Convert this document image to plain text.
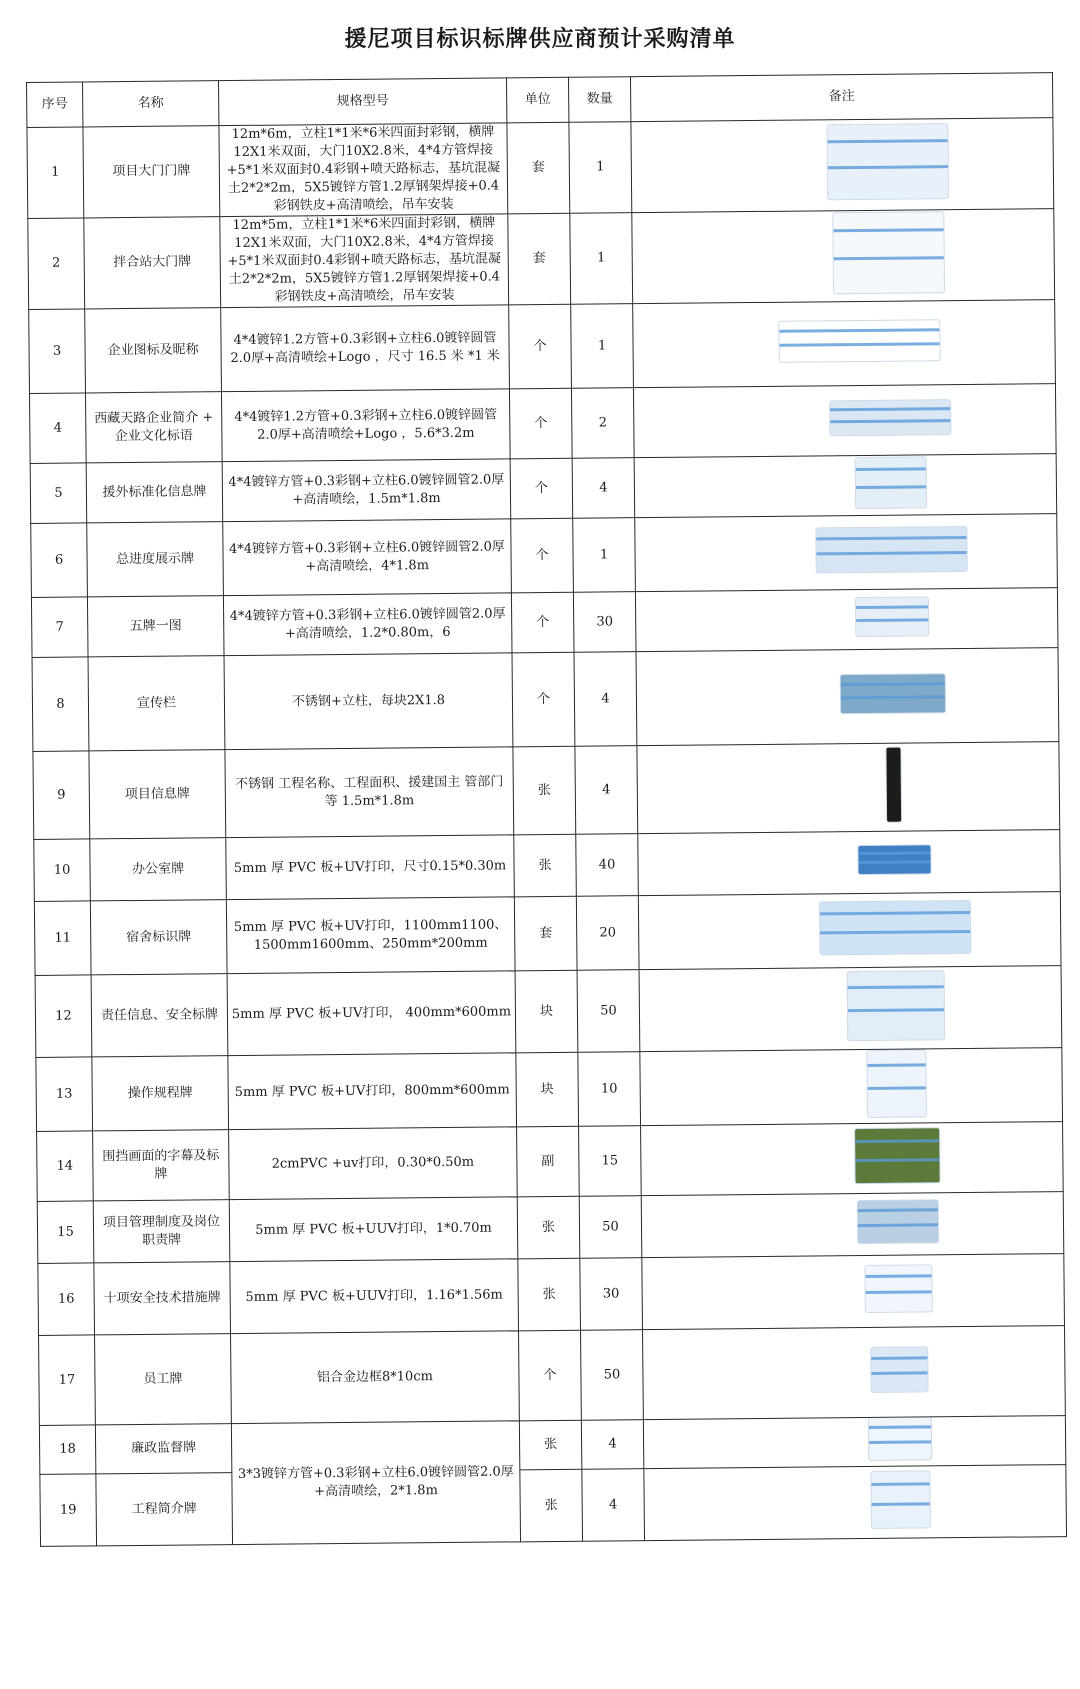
援尼项目标识标牌供应商预计采购清单
序号	名称	规格型号	单位	数量	备注
1	项目大门门牌	12m*6m，立柱1*1米*6米四面封彩钢，横牌12X1米双面，大门10X2.8米，4*4方管焊接+5*1米双面封0.4彩钢+喷天路标志，基坑混凝土2*2*2m，5X5镀锌方管1.2厚钢架焊接+0.4彩钢铁皮+高清喷绘，吊车安装	套	1	

2	拌合站大门牌	12m*5m，立柱1*1米*6米四面封彩钢，横牌12X1米双面，大门10X2.8米，4*4方管焊接+5*1米双面封0.4彩钢+喷天路标志，基坑混凝土2*2*2m，5X5镀锌方管1.2厚钢架焊接+0.4彩钢铁皮+高清喷绘，吊车安装	套	1	

3	企业图标及昵称	4*4镀锌1.2方管+0.3彩钢+立柱6.0镀锌圆管2.0厚+高清喷绘+Logo ，尺寸 16.5 米 *1 米	个	1	

4	西藏天路企业简介 + 企业文化标语	4*4镀锌1.2方管+0.3彩钢+立柱6.0镀锌圆管2.0厚+高清喷绘+Logo ，5.6*3.2m	个	2	

5	援外标准化信息牌	4*4镀锌方管+0.3彩钢+立柱6.0镀锌圆管2.0厚+高清喷绘，1.5m*1.8m	个	4	

6	总进度展示牌	4*4镀锌方管+0.3彩钢+立柱6.0镀锌圆管2.0厚+高清喷绘，4*1.8m	个	1	

7	五牌一图	4*4镀锌方管+0.3彩钢+立柱6.0镀锌圆管2.0厚+高清喷绘，1.2*0.80m，6	个	30	

8	宣传栏	不锈钢+立柱，每块2X1.8	个	4	

9	项目信息牌	不锈钢 工程名称、工程面积、援建国主 管部门等 1.5m*1.8m	张	4	
10	办公室牌	5mm 厚 PVC 板+UV打印，尺寸0.15*0.30m	张	40	

11	宿舍标识牌	5mm 厚 PVC 板+UV打印，1100mm1100、1500mm1600mm、250mm*200mm	套	20	

12	责任信息、安全标牌	5mm 厚 PVC 板+UV打印， 400mm*600mm	块	50	

13	操作规程牌	5mm 厚 PVC 板+UV打印，800mm*600mm	块	10	

14	围挡画面的字幕及标牌	2cmPVC +uv打印，0.30*0.50m	副	15	

15	项目管理制度及岗位职责牌	5mm 厚 PVC 板+UUV打印，1*0.70m	张	50	

16	十项安全技术措施牌	5mm 厚 PVC 板+UUV打印，1.16*1.56m	张	30	

17	员工牌	铝合金边框8*10cm	个	50	

18	廉政监督牌	3*3镀锌方管+0.3彩钢+立柱6.0镀锌圆管2.0厚+高清喷绘，2*1.8m	张	4	

19	工程简介牌		张	4	
